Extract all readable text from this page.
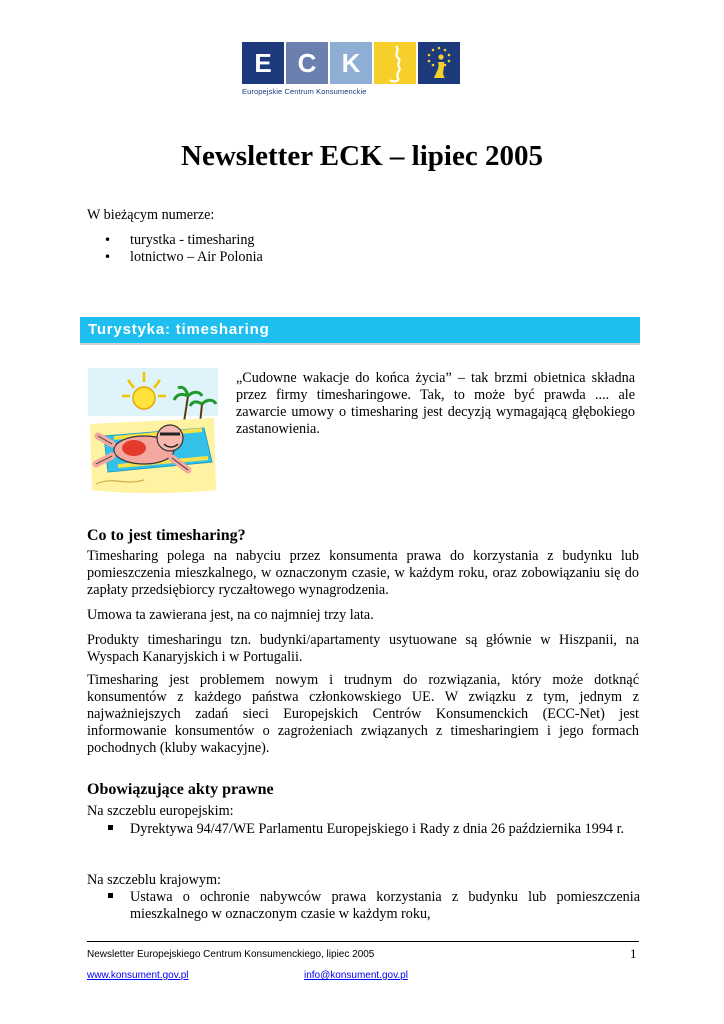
E C K
Europejskie Centrum Konsumenckie
Newsletter ECK – lipiec 2005
W bieżącym numerze:
• turystka - timesharing
• lotnictwo – Air Polonia
Turystyka: timesharing
„Cudowne wakacje do końca życia” – tak brzmi obietnica składna przez firmy timesharingowe. Tak, to może być prawda .... ale zawarcie umowy o timesharing jest decyzją wymagającą głębokiego zastanowienia.
Co to jest timesharing?
Timesharing polega na nabyciu przez konsumenta prawa do korzystania z budynku lub pomieszczenia mieszkalnego, w oznaczonym czasie, w każdym roku, oraz zobowiązaniu się do zapłaty przedsiębiorcy ryczałtowego wynagrodzenia.
Umowa ta zawierana jest, na co najmniej trzy lata.
Produkty timesharingu tzn. budynki/apartamenty usytuowane są głównie w Hiszpanii, na Wyspach Kanaryjskich i w Portugalii.
Timesharing jest problemem nowym i trudnym do rozwiązania, który może dotknąć konsumentów z każdego państwa członkowskiego UE. W związku z tym, jednym z najważniejszych zadań sieci Europejskich Centrów Konsumenckich (ECC-Net) jest informowanie konsumentów o zagrożeniach związanych z timesharingiem i jego formach pochodnych (kluby wakacyjne).
Obowiązujące akty prawne
Na szczeblu europejskim:
Dyrektywa 94/47/WE Parlamentu Europejskiego i Rady z dnia 26 października 1994 r.
Na szczeblu krajowym:
Ustawa o ochronie nabywców prawa korzystania z budynku lub pomieszczenia mieszkalnego w oznaczonym czasie w każdym roku,
Newsletter Europejskiego Centrum Konsumenckiego, lipiec 2005	1
www.konsument.gov.pl	info@konsument.gov.pl
